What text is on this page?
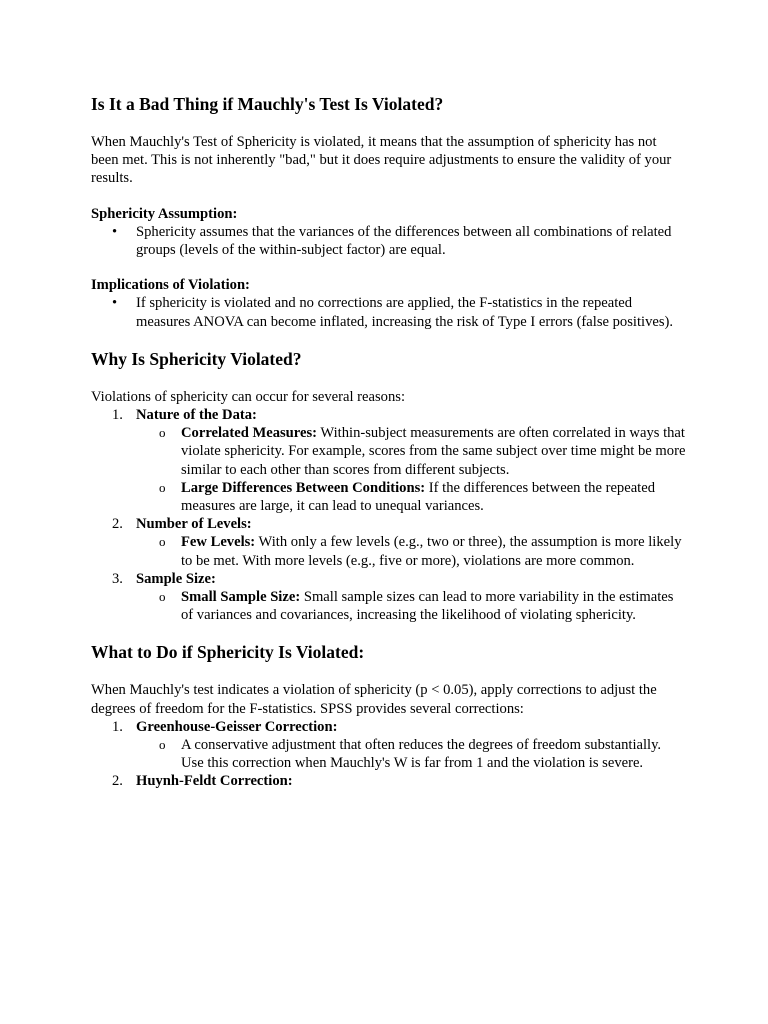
Is It a Bad Thing if Mauchly's Test Is Violated?

When Mauchly's Test of Sphericity is violated, it means that the assumption of sphericity has not been met. This is not inherently "bad," but it does require adjustments to ensure the validity of your results.

Sphericity Assumption:

• Sphericity assumes that the variances of the differences between all combinations of related groups (levels of the within-subject factor) are equal.

Implications of Violation:

• If sphericity is violated and no corrections are applied, the F-statistics in the repeated measures ANOVA can become inflated, increasing the risk of Type I errors (false positives).
Why Is Sphericity Violated?

Violations of sphericity can occur for several reasons:

1. Nature of the Data:
o Correlated Measures: Within-subject measurements are often correlated in ways that violate sphericity. For example, scores from the same subject over time might be more similar to each other than scores from different subjects.
o Large Differences Between Conditions: If the differences between the repeated measures are large, it can lead to unequal variances.
2. Number of Levels:
o Few Levels: With only a few levels (e.g., two or three), the assumption is more likely to be met. With more levels (e.g., five or more), violations are more common.
3. Sample Size:
o Small Sample Size: Small sample sizes can lead to more variability in the estimates of variances and covariances, increasing the likelihood of violating sphericity.
What to Do if Sphericity Is Violated:

When Mauchly's test indicates a violation of sphericity (p < 0.05), apply corrections to adjust the degrees of freedom for the F-statistics. SPSS provides several corrections:

1. Greenhouse-Geisser Correction:
o A conservative adjustment that often reduces the degrees of freedom substantially. Use this correction when Mauchly's W is far from 1 and the violation is severe.
2. Huynh-Feldt Correction:
